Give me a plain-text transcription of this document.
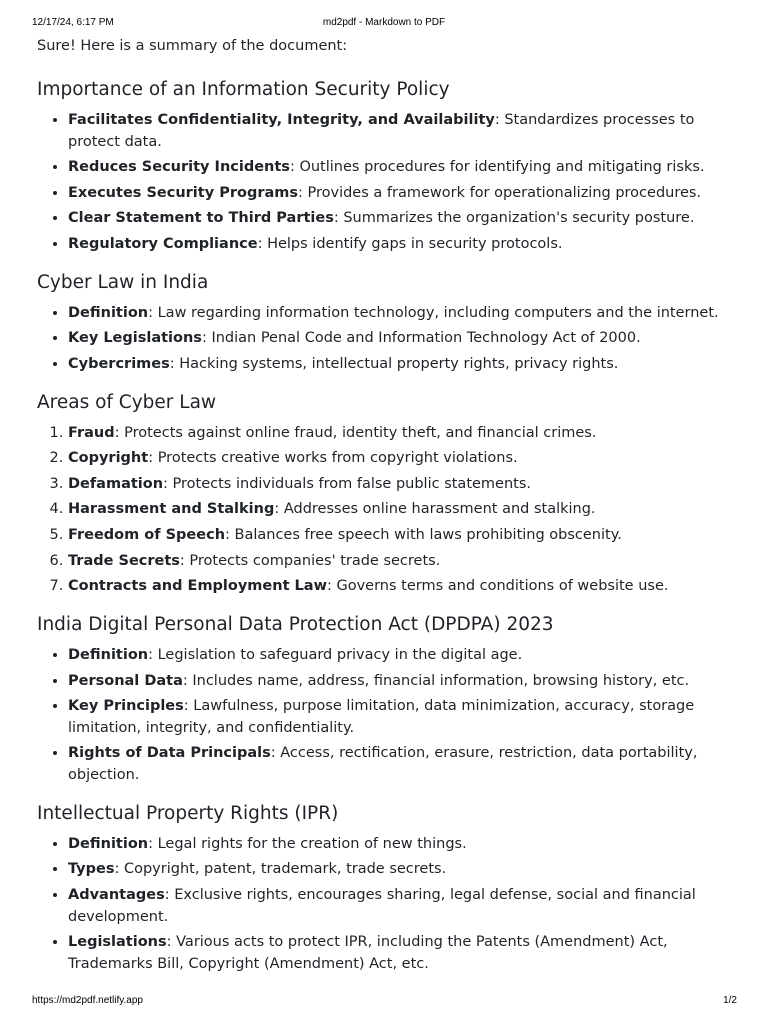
12/17/24, 6:17 PM	md2pdf - Markdown to PDF

Sure! Here is a summary of the document:

Importance of an Information Security Policy
• Facilitates Confidentiality, Integrity, and Availability: Standardizes processes to protect data.
• Reduces Security Incidents: Outlines procedures for identifying and mitigating risks.
• Executes Security Programs: Provides a framework for operationalizing procedures.
• Clear Statement to Third Parties: Summarizes the organization's security posture.
• Regulatory Compliance: Helps identify gaps in security protocols.
Cyber Law in India
• Definition: Law regarding information technology, including computers and the internet.
• Key Legislations: Indian Penal Code and Information Technology Act of 2000.
• Cybercrimes: Hacking systems, intellectual property rights, privacy rights.
Areas of Cyber Law
1. Fraud: Protects against online fraud, identity theft, and financial crimes.
2. Copyright: Protects creative works from copyright violations.
3. Defamation: Protects individuals from false public statements.
4. Harassment and Stalking: Addresses online harassment and stalking.
5. Freedom of Speech: Balances free speech with laws prohibiting obscenity.
6. Trade Secrets: Protects companies' trade secrets.
7. Contracts and Employment Law: Governs terms and conditions of website use.
India Digital Personal Data Protection Act (DPDPA) 2023
• Definition: Legislation to safeguard privacy in the digital age.
• Personal Data: Includes name, address, financial information, browsing history, etc.
• Key Principles: Lawfulness, purpose limitation, data minimization, accuracy, storage limitation, integrity, and confidentiality.
• Rights of Data Principals: Access, rectification, erasure, restriction, data portability, objection.
Intellectual Property Rights (IPR)
• Definition: Legal rights for the creation of new things.
• Types: Copyright, patent, trademark, trade secrets.
• Advantages: Exclusive rights, encourages sharing, legal defense, social and financial development.
• Legislations: Various acts to protect IPR, including the Patents (Amendment) Act, Trademarks Bill, Copyright (Amendment) Act, etc.
https://md2pdf.netlify.app	1/2
